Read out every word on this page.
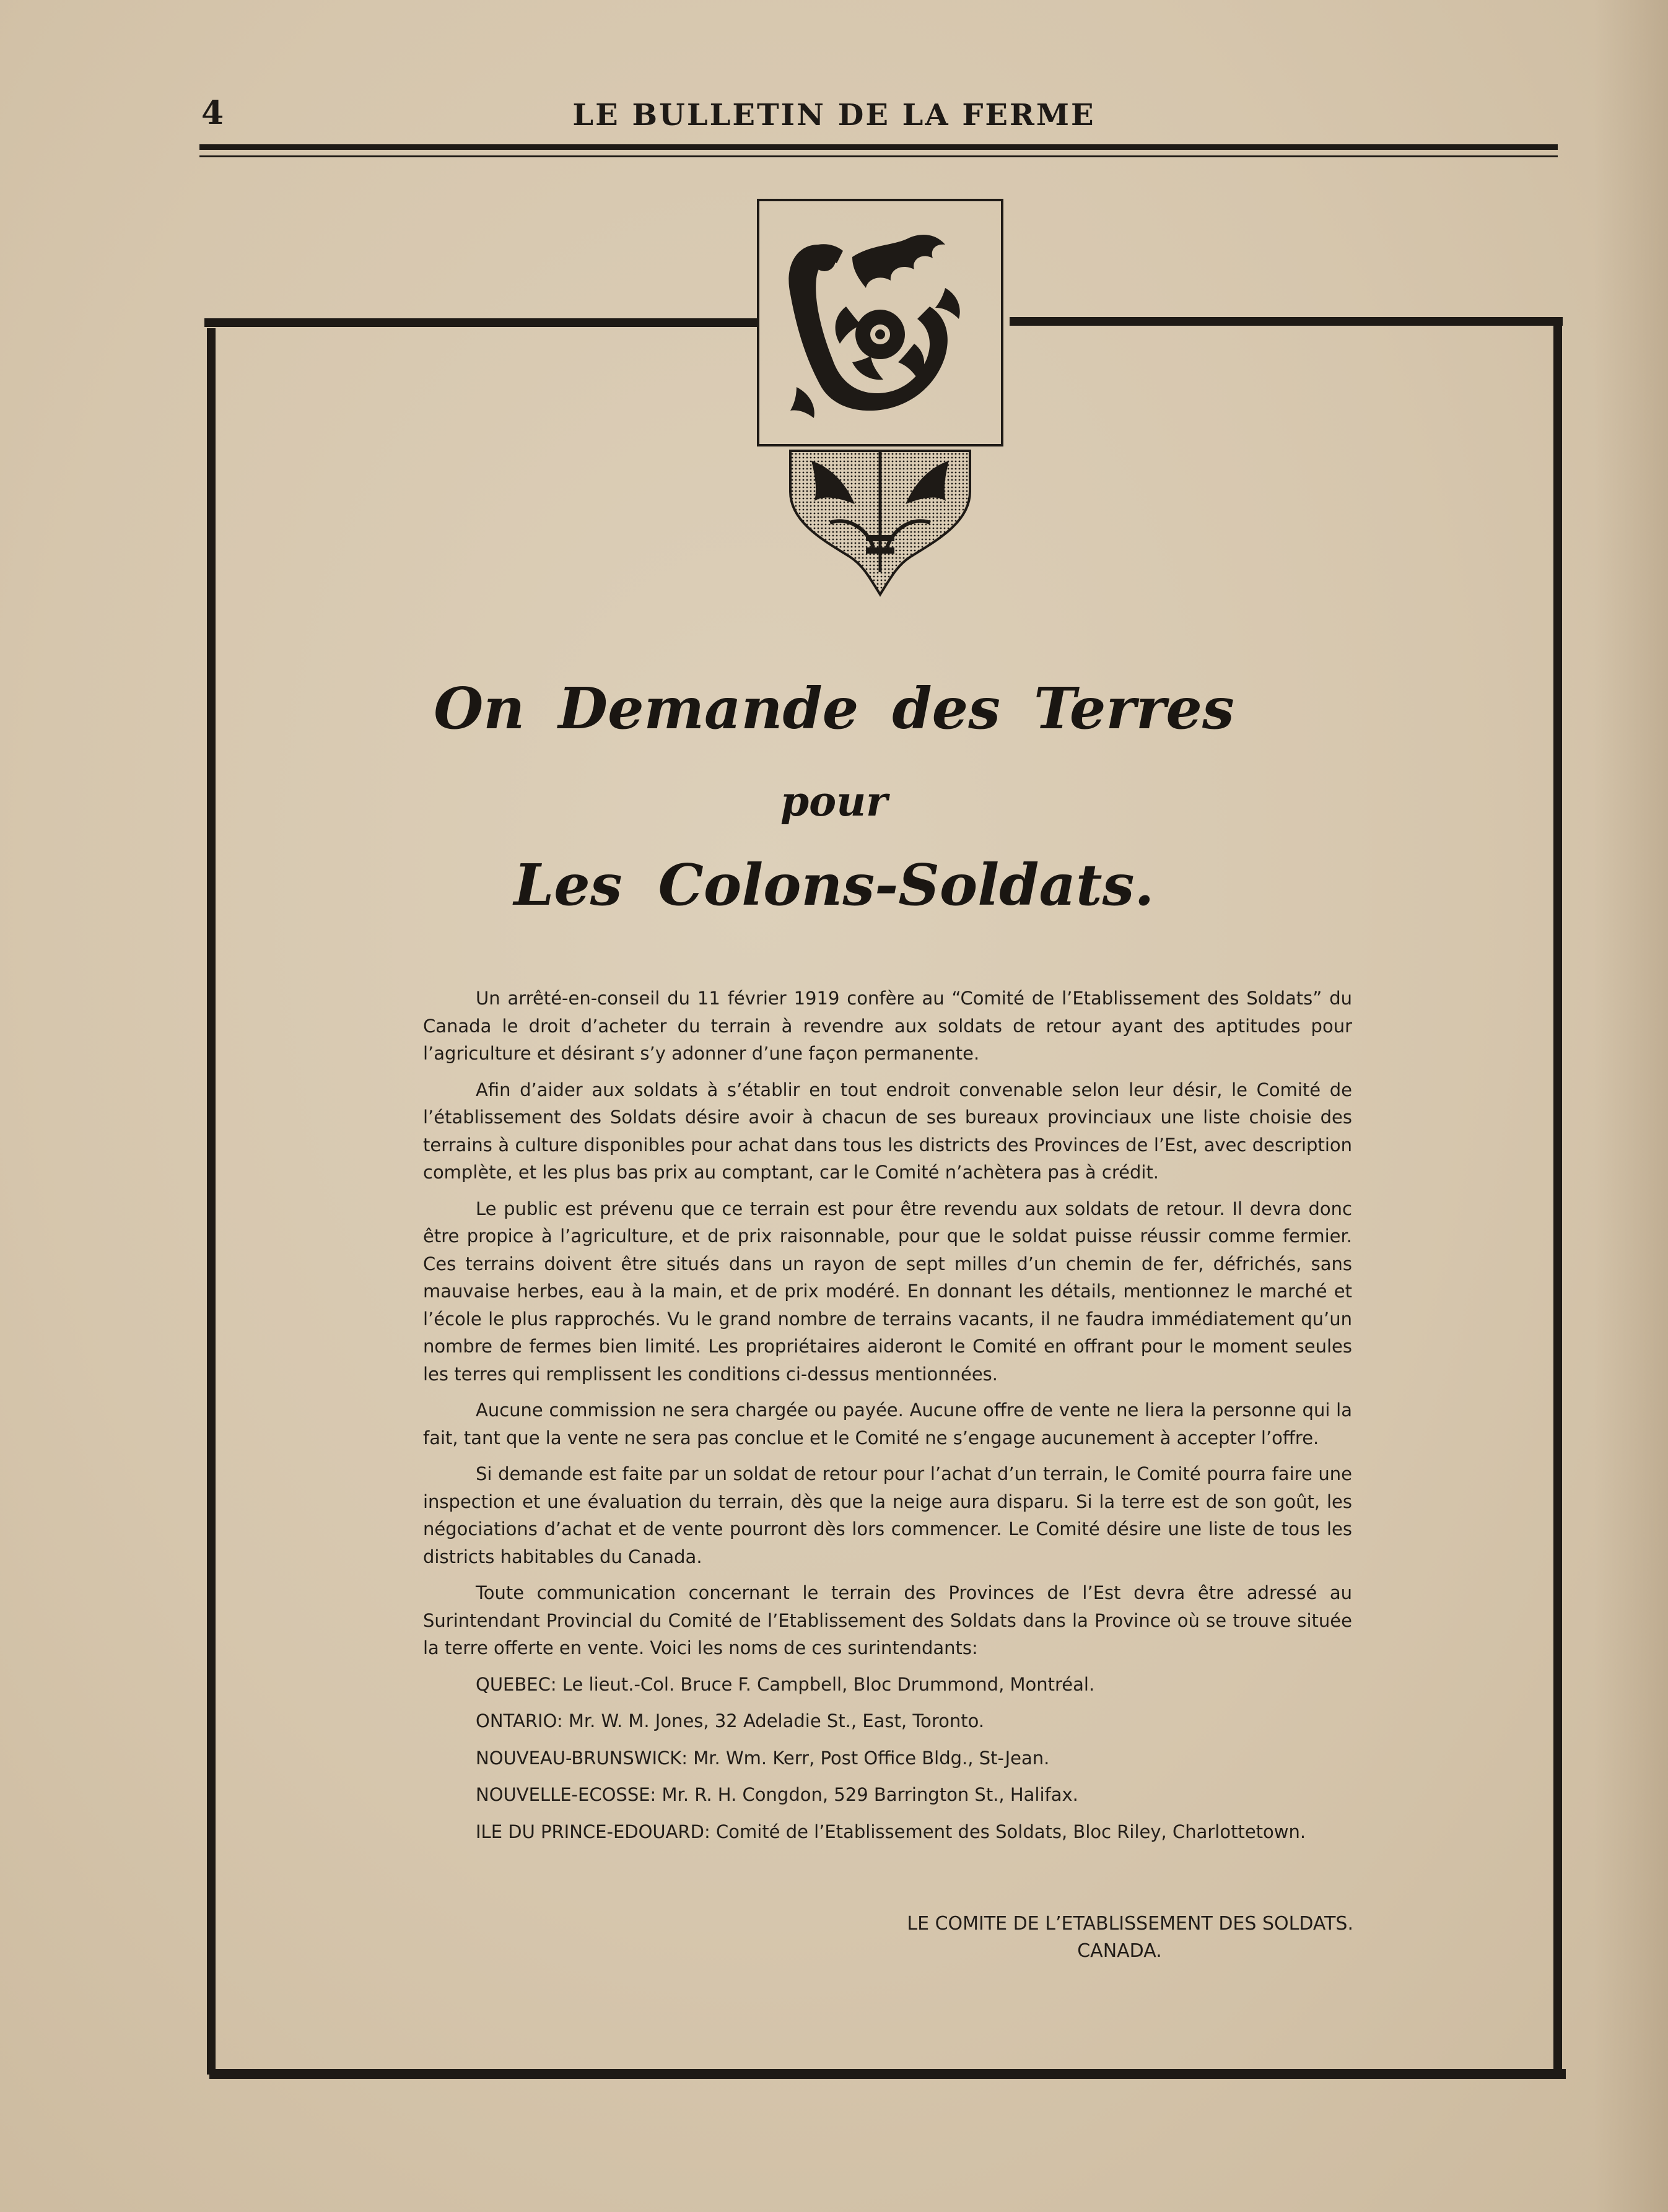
4	LE BULLETIN DE LA FERME

On Demande des Terres

pour

Les Colons-Soldats.

Un arrêté-en-conseil du 11 février 1919 confère au “Comité de l’Etablissement des Soldats” du Canada le droit d’acheter du terrain à revendre aux soldats de retour ayant des aptitudes pour l’agriculture et désirant s’y adonner d’une façon permanente.

Afin d’aider aux soldats à s’établir en tout endroit convenable selon leur désir, le Comité de l’établissement des Soldats désire avoir à chacun de ses bureaux provinciaux une liste choisie des terrains à culture disponibles pour achat dans tous les districts des Provinces de l’Est, avec description complète, et les plus bas prix au comptant, car le Comité n’achètera pas à crédit.

Le public est prévenu que ce terrain est pour être revendu aux soldats de retour. Il devra donc être propice à l’agriculture, et de prix raisonnable, pour que le soldat puisse réussir comme fermier. Ces terrains doivent être situés dans un rayon de sept milles d’un chemin de fer, défrichés, sans mauvaise herbes, eau à la main, et de prix modéré. En donnant les détails, mentionnez le marché et l’école le plus rapprochés. Vu le grand nombre de terrains vacants, il ne faudra immédiatement qu’un nombre de fermes bien limité. Les propriétaires aideront le Comité en offrant pour le moment seules les terres qui remplissent les conditions ci-dessus mentionnées.

Aucune commission ne sera chargée ou payée. Aucune offre de vente ne liera la personne qui la fait, tant que la vente ne sera pas conclue et le Comité ne s’engage aucunement à accepter l’offre.

Si demande est faite par un soldat de retour pour l’achat d’un terrain, le Comité pourra faire une inspection et une évaluation du terrain, dès que la neige aura disparu. Si la terre est de son goût, les négociations d’achat et de vente pourront dès lors commencer. Le Comité désire une liste de tous les districts habitables du Canada.

Toute communication concernant le terrain des Provinces de l’Est devra être adressé au Surintendant Provincial du Comité de l’Etablissement des Soldats dans la Province où se trouve située la terre offerte en vente. Voici les noms de ces surintendants:

QUEBEC: Le lieut.-Col. Bruce F. Campbell, Bloc Drummond, Montréal.

ONTARIO: Mr. W. M. Jones, 32 Adeladie St., East, Toronto.

NOUVEAU-BRUNSWICK: Mr. Wm. Kerr, Post Office Bldg., St-Jean.

NOUVELLE-ECOSSE: Mr. R. H. Congdon, 529 Barrington St., Halifax.

ILE DU PRINCE-EDOUARD: Comité de l’Etablissement des Soldats, Bloc Riley, Charlottetown.

LE COMITE DE L’ETABLISSEMENT DES SOLDATS.
CANADA.
